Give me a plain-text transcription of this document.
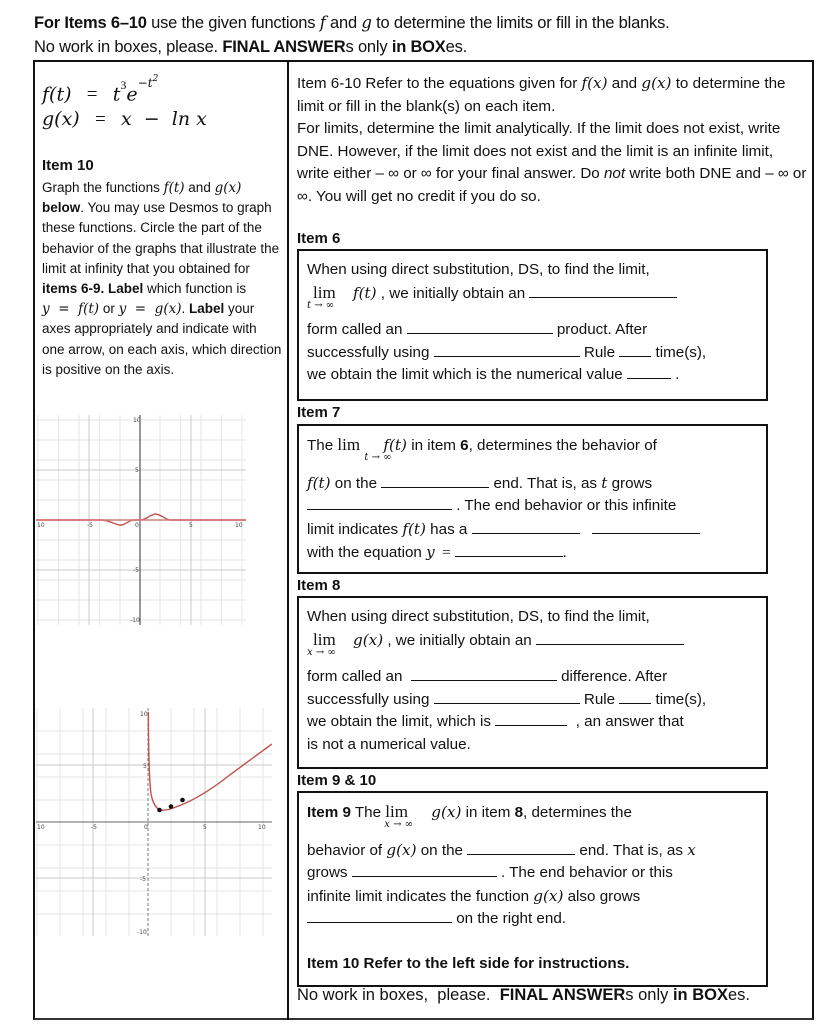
For Items 6–10 use the given functions f and g to determine the limits or fill in the blanks.
No work in boxes, please. FINAL ANSWERs only in BOXes.
$f(t) = t^3e^{-t^2}$
g(x) = x  −  ln x
Item 10
Graph the functions f(t) and g(x) below. You may use Desmos to graph these functions. Circle the part of the behavior of the graphs that illustrate the limit at infinity that you obtained for items 6-9. Label which function is y  =  f(t) or y  =  g(x). Label your axes appropriately and indicate with one arrow, on each axis, which direction is positive on the axis.
10	-5	0	5	10
10
5
-5
-10
10	-5	0	5	10
10
5
-5
-10
Item 6-10 Refer to the equations given for f(x) and g(x) to determine the limit or fill in the blank(s) on each item.
For limits, determine the limit analytically. If the limit does not exist, write DNE. However, if the limit does not exist and the limit is an infinite limit, write either – ∞ or ∞ for your final answer. Do not write both DNE and – ∞ or ∞. You will get no credit if you do so.
Item 6
When using direct substitution, DS, to find the limit,
lim
t → ∞
f(t) , we initially obtain an
form called an	product. After
successfully using	Rule  time(s),
we obtain the limit which is the numerical value	.
Item 7
The lim
t → ∞
f(t) in item 6, determines the behavior of
f(t) on the	end. That is, as t grows
. The end behavior or this infinite
limit indicates f(t) has a
with the equation y  =	.
Item 8
When using direct substitution, DS, to find the limit,
lim
x → ∞
g(x) , we initially obtain an
form called an	difference. After
successfully using	Rule  time(s),
we obtain the limit, which is	, an answer that
is not a numerical value.
Item 9 & 10
Item 9 The lim
x → ∞
g(x) in item 8, determines the
behavior of g(x) on the	end. That is, as x
grows	. The end behavior or this
infinite limit indicates the function g(x) also grows
on the right end.
Item 10 Refer to the left side for instructions.
No work in boxes,  please.  FINAL ANSWERs only in BOXes.
